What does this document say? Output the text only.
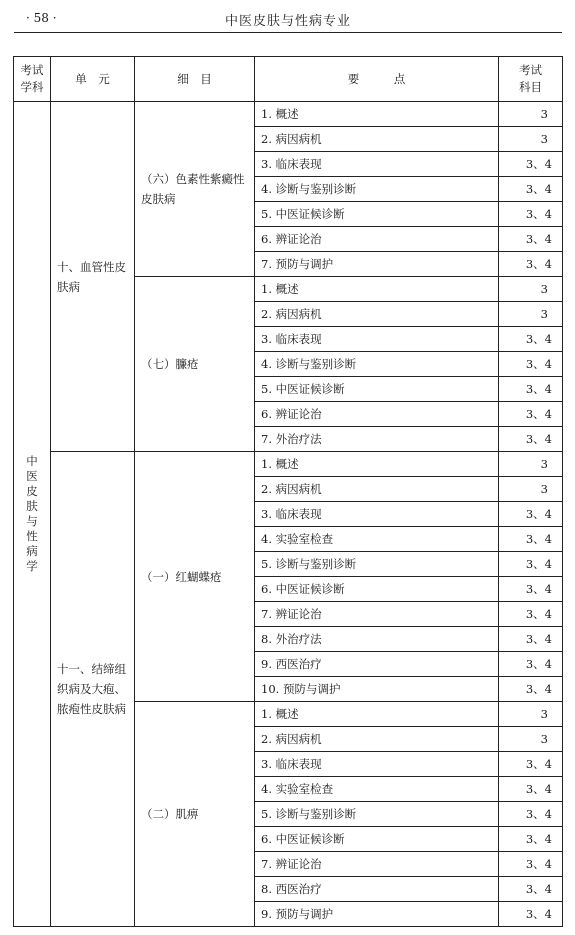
· 58 ·	中医皮肤与性病专业
考试学科	单　元	细　目	要　　　点	考试科目
中医皮肤与性病学	十、血管性皮肤病	（六）色素性紫癜性皮肤病	1. 概述	3
			2. 病因病机	3
			3. 临床表现	3、4
			4. 诊断与鉴别诊断	3、4
			5. 中医证候诊断	3、4
			6. 辨证论治	3、4
			7. 预防与调护	3、4
		（七）臁疮	1. 概述	3
			2. 病因病机	3
			3. 临床表现	3、4
			4. 诊断与鉴别诊断	3、4
			5. 中医证候诊断	3、4
			6. 辨证论治	3、4
			7. 外治疗法	3、4
	十一、结缔组织病及大疱、脓疱性皮肤病	（一）红蝴蝶疮	1. 概述	3
			2. 病因病机	3
			3. 临床表现	3、4
			4. 实验室检查	3、4
			5. 诊断与鉴别诊断	3、4
			6. 中医证候诊断	3、4
			7. 辨证论治	3、4
			8. 外治疗法	3、4
			9. 西医治疗	3、4
			10. 预防与调护	3、4
		（二）肌痹	1. 概述	3
			2. 病因病机	3
			3. 临床表现	3、4
			4. 实验室检查	3、4
			5. 诊断与鉴别诊断	3、4
			6. 中医证候诊断	3、4
			7. 辨证论治	3、4
			8. 西医治疗	3、4
			9. 预防与调护	3、4
